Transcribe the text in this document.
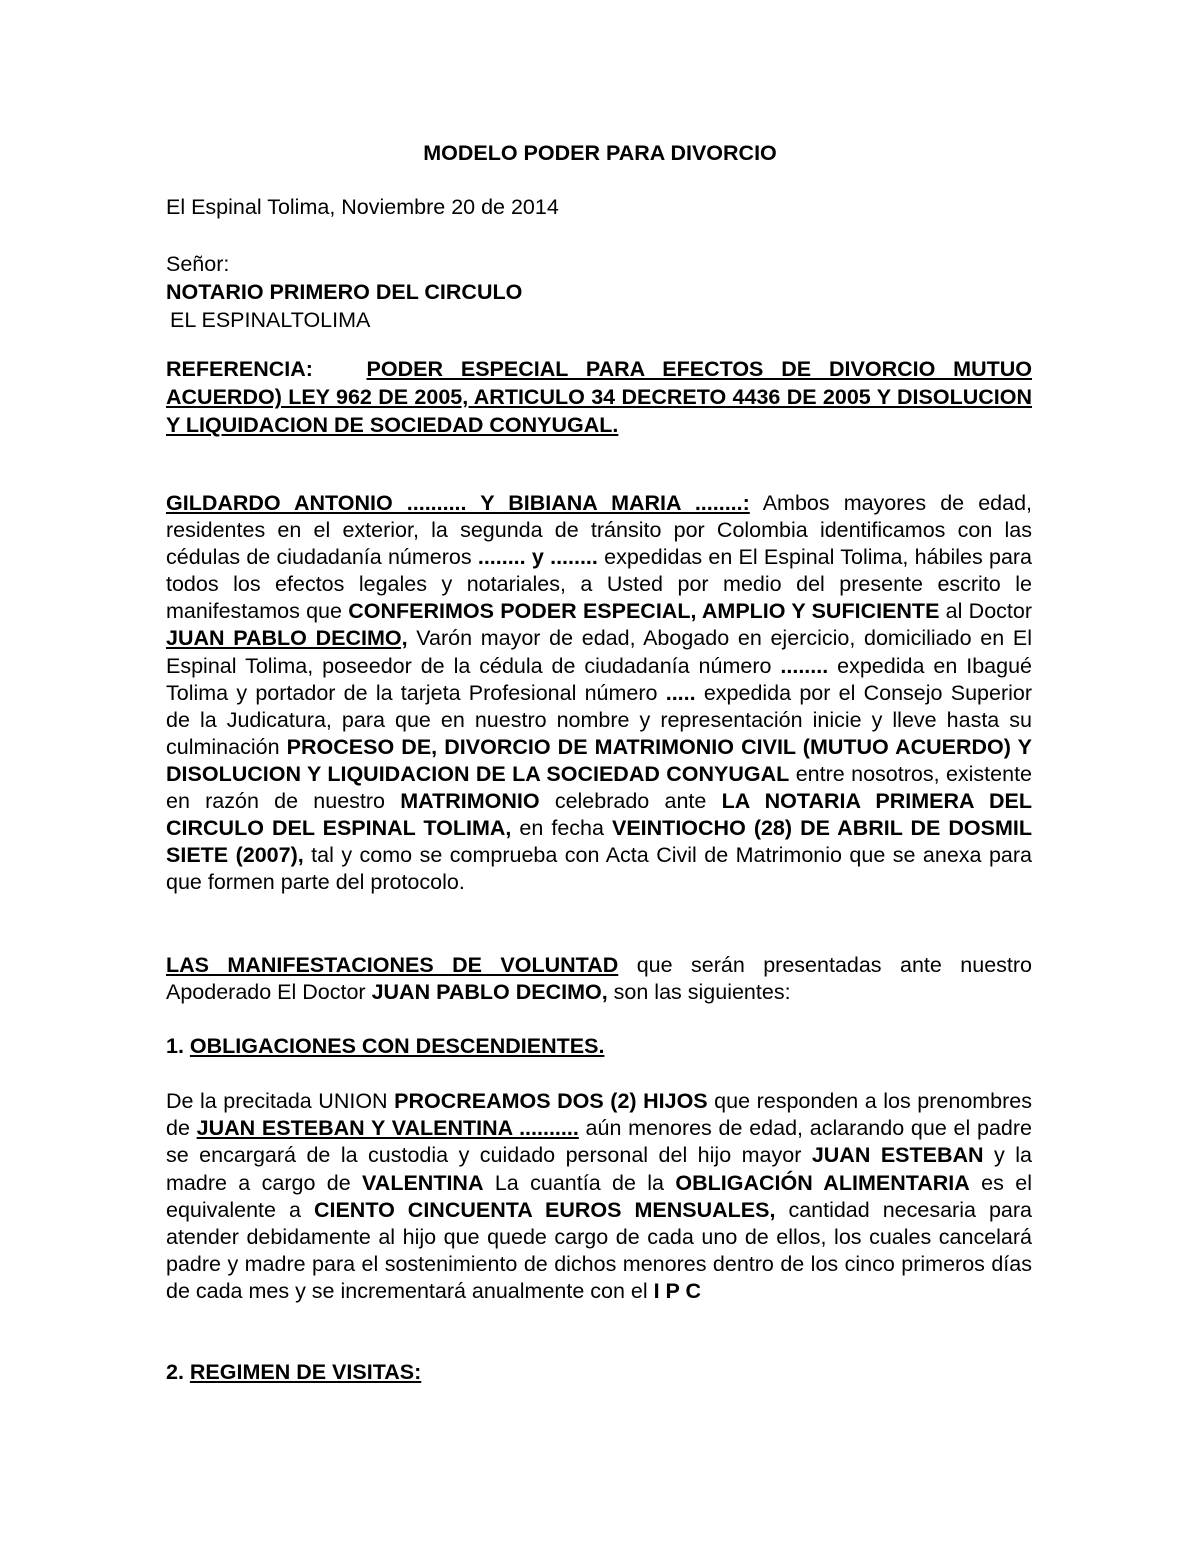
MODELO PODER PARA DIVORCIO
El Espinal Tolima, Noviembre 20 de 2014
Señor:
NOTARIO PRIMERO DEL CIRCULO
EL ESPINALTOLIMA
REFERENCIA: PODER ESPECIAL PARA EFECTOS DE DIVORCIO MUTUO ACUERDO) LEY 962 DE 2005, ARTICULO 34 DECRETO 4436 DE 2005 Y DISOLUCION Y LIQUIDACION DE SOCIEDAD CONYUGAL.
GILDARDO ANTONIO .......... Y BIBIANA MARIA ........: Ambos mayores de edad, residentes en el exterior, la segunda de tránsito por Colombia identificamos con las cédulas de ciudadanía números ........ y ........ expedidas en El Espinal Tolima, hábiles para todos los efectos legales y notariales, a Usted por medio del presente escrito le manifestamos que CONFERIMOS PODER ESPECIAL, AMPLIO Y SUFICIENTE al Doctor JUAN PABLO DECIMO, Varón mayor de edad, Abogado en ejercicio, domiciliado en El Espinal Tolima, poseedor de la cédula de ciudadanía número ........ expedida en Ibagué Tolima y portador de la tarjeta Profesional número ..... expedida por el Consejo Superior de la Judicatura, para que en nuestro nombre y representación inicie y lleve hasta su culminación PROCESO DE, DIVORCIO DE MATRIMONIO CIVIL (MUTUO ACUERDO) Y DISOLUCION Y LIQUIDACION DE LA SOCIEDAD CONYUGAL entre nosotros, existente en razón de nuestro MATRIMONIO celebrado ante LA NOTARIA PRIMERA DEL CIRCULO DEL ESPINAL TOLIMA, en fecha VEINTIOCHO (28) DE ABRIL DE DOSMIL SIETE (2007), tal y como se comprueba con Acta Civil de Matrimonio que se anexa para que formen parte del protocolo.
LAS MANIFESTACIONES DE VOLUNTAD que serán presentadas ante nuestro Apoderado El Doctor JUAN PABLO DECIMO, son las siguientes:
1. OBLIGACIONES CON DESCENDIENTES.
De la precitada UNION PROCREAMOS DOS (2) HIJOS que responden a los prenombres de JUAN ESTEBAN Y VALENTINA .......... aún menores de edad, aclarando que el padre se encargará de la custodia y cuidado personal del hijo mayor JUAN ESTEBAN y la madre a cargo de VALENTINA La cuantía de la OBLIGACIÓN ALIMENTARIA es el equivalente a CIENTO CINCUENTA EUROS MENSUALES, cantidad necesaria para atender debidamente al hijo que quede cargo de cada uno de ellos, los cuales cancelará padre y madre para el sostenimiento de dichos menores dentro de los cinco primeros días de cada mes y se incrementará anualmente con el I P C
2. REGIMEN DE VISITAS:
